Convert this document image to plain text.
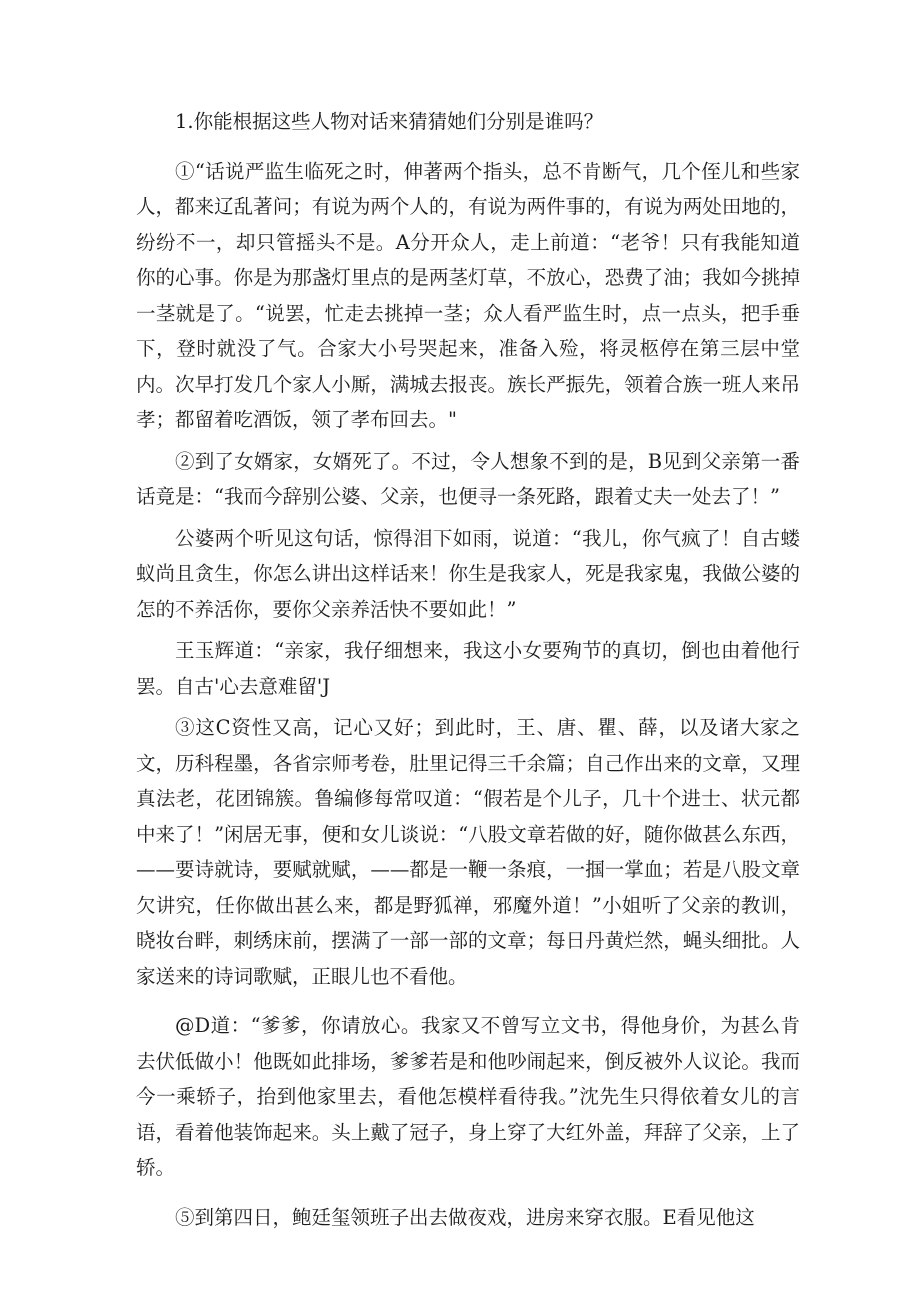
1.你能根据这些人物对话来猜猜她们分别是谁吗？

①“话说严监生临死之时，伸著两个指头，总不肯断气，几个侄儿和些家人，都来辽乱著问；有说为两个人的，有说为两件事的，有说为两处田地的，纷纷不一，却只管摇头不是。A分开众人，走上前道：“老爷！只有我能知道你的心事。你是为那盏灯里点的是两茎灯草，不放心，恐费了油；我如今挑掉一茎就是了。“说罢，忙走去挑掉一茎；众人看严监生时，点一点头，把手垂下，登时就没了气。合家大小号哭起来，准备入殓，将灵柩停在第三层中堂内。次早打发几个家人小厮，满城去报丧。族长严振先，领着合族一班人来吊孝；都留着吃酒饭，领了孝布回去。"

②到了女婿家，女婿死了。不过，令人想象不到的是，B见到父亲第一番话竟是：“我而今辞别公婆、父亲，也便寻一条死路，跟着丈夫一处去了！”

公婆两个听见这句话，惊得泪下如雨，说道：“我儿，你气疯了！自古蝼蚁尚且贪生，你怎么讲出这样话来！你生是我家人，死是我家鬼，我做公婆的怎的不养活你，要你父亲养活快不要如此！”

王玉辉道：“亲家，我仔细想来，我这小女要殉节的真切，倒也由着他行罢。自古'心去意难留'J

③这C资性又高，记心又好；到此时，王、唐、瞿、薛，以及诸大家之文，历科程墨，各省宗师考卷，肚里记得三千余篇；自己作出来的文章，又理真法老，花团锦簇。鲁编修每常叹道：“假若是个儿子，几十个进士、状元都中来了！”闲居无事，便和女儿谈说：“八股文章若做的好，随你做甚么东西，——要诗就诗，要赋就赋，——都是一鞭一条痕，一掴一掌血；若是八股文章欠讲究，任你做出甚么来，都是野狐禅，邪魔外道！”小姐听了父亲的教训，晓妆台畔，刺绣床前，摆满了一部一部的文章；每日丹黄烂然，蝇头细批。人家送来的诗词歌赋，正眼儿也不看他。

@D道：“爹爹，你请放心。我家又不曾写立文书，得他身价，为甚么肯去伏低做小！他既如此排场，爹爹若是和他吵闹起来，倒反被外人议论。我而今一乘轿子，抬到他家里去，看他怎模样看待我。”沈先生只得依着女儿的言语，看着他装饰起来。头上戴了冠子，身上穿了大红外盖，拜辞了父亲，上了轿。

⑤到第四日，鲍廷玺领班子出去做夜戏，进房来穿衣服。E看见他这
